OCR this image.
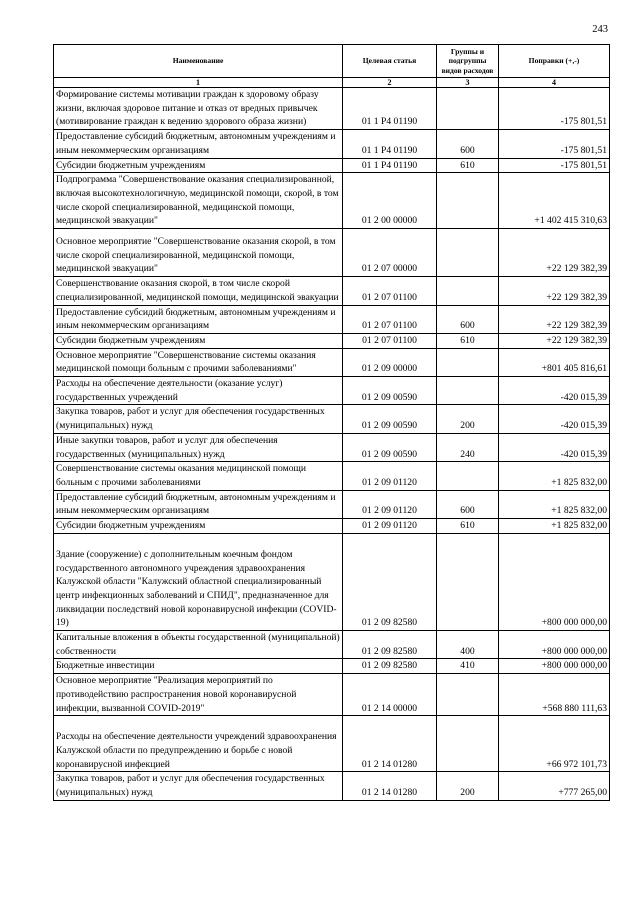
243
Наименование	Целевая статья	Группы и подгруппы видов расходов	Поправки (+,-)
1	2	3	4
Формирование системы мотивации граждан к здоровому образу жизни, включая здоровое питание и отказ от вредных привычек (мотивирование граждан к ведению здорового образа жизни)	01 1 P4 01190		-175 801,51
Предоставление субсидий бюджетным, автономным учреждениям и иным некоммерческим организациям	01 1 P4 01190	600	-175 801,51
Субсидии бюджетным учреждениям	01 1 P4 01190	610	-175 801,51
Подпрограмма "Совершенствование оказания специализированной, включая высокотехнологичную, медицинской помощи, скорой, в том числе скорой специализированной, медицинской помощи, медицинской эвакуации"	01 2 00 00000		+1 402 415 310,63
Основное мероприятие "Совершенствование оказания скорой, в том числе скорой специализированной, медицинской помощи, медицинской эвакуации"	01 2 07 00000		+22 129 382,39
Совершенствование оказания скорой, в том числе скорой специализированной, медицинской помощи, медицинской эвакуации	01 2 07 01100		+22 129 382,39
Предоставление субсидий бюджетным, автономным учреждениям и иным некоммерческим организациям	01 2 07 01100	600	+22 129 382,39
Субсидии бюджетным учреждениям	01 2 07 01100	610	+22 129 382,39
Основное мероприятие "Совершенствование системы оказания медицинской помощи больным с прочими заболеваниями"	01 2 09 00000		+801 405 816,61
Расходы на обеспечение деятельности (оказание услуг) государственных учреждений	01 2 09 00590		-420 015,39
Закупка товаров, работ и услуг для обеспечения государственных (муниципальных) нужд	01 2 09 00590	200	-420 015,39
Иные закупки товаров, работ и услуг для обеспечения государственных (муниципальных) нужд	01 2 09 00590	240	-420 015,39
Совершенствование системы оказания медицинской помощи больным с прочими заболеваниями	01 2 09 01120		+1 825 832,00
Предоставление субсидий бюджетным, автономным учреждениям и иным некоммерческим организациям	01 2 09 01120	600	+1 825 832,00
Субсидии бюджетным учреждениям	01 2 09 01120	610	+1 825 832,00
Здание (сооружение) с дополнительным коечным фондом государственного автономного учреждения здравоохранения Калужской области "Калужский областной специализированный центр инфекционных заболеваний и СПИД", предназначенное для ликвидации последствий новой коронавирусной инфекции (COVID-19)	01 2 09 82580		+800 000 000,00
Капитальные вложения в объекты государственной (муниципальной) собственности	01 2 09 82580	400	+800 000 000,00
Бюджетные инвестиции	01 2 09 82580	410	+800 000 000,00
Основное мероприятие "Реализация мероприятий по противодействию распространения новой коронавирусной инфекции, вызванной COVID-2019"	01 2 14 00000		+568 880 111,63
Расходы на обеспечение деятельности учреждений здравоохранения Калужской области по предупреждению и борьбе с новой коронавирусной инфекцией	01 2 14 01280		+66 972 101,73
Закупка товаров, работ и услуг для обеспечения государственных (муниципальных) нужд	01 2 14 01280	200	+777 265,00
